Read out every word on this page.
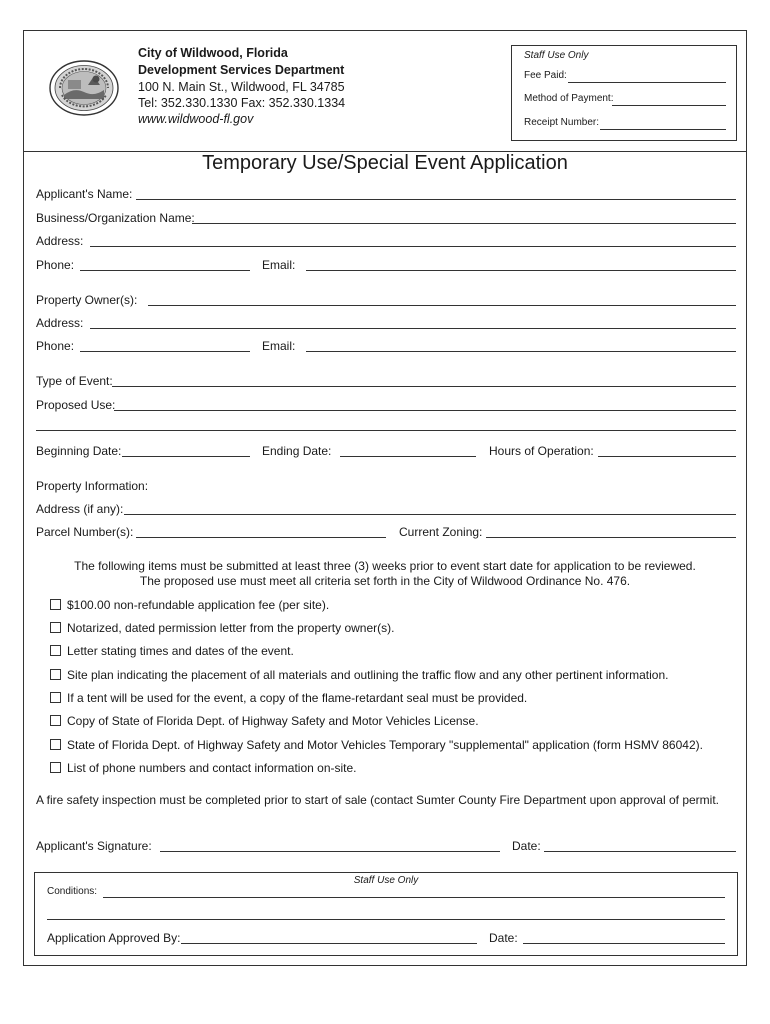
City of Wildwood, Florida
Development Services Department
100 N. Main St., Wildwood, FL 34785
Tel: 352.330.1330 Fax: 352.330.1334
www.wildwood-fl.gov
Staff Use Only
Fee Paid:
Method of Payment:
Receipt Number:
Temporary Use/Special Event Application
Applicant's Name:
Business/Organization Name:
Address:
Phone:	Email:
Property Owner(s):
Address:
Phone:	Email:
Type of Event:
Proposed Use:
Beginning Date:	Ending Date:	Hours of Operation:
Property Information:
Address (if any):
Parcel Number(s):	Current Zoning:
The following items must be submitted at least three (3) weeks prior to event start date for application to be reviewed.
The proposed use must meet all criteria set forth in the City of Wildwood Ordinance No. 476.
$100.00 non-refundable application fee (per site).
Notarized, dated permission letter from the property owner(s).
Letter stating times and dates of the event.
Site plan indicating the placement of all materials and outlining the traffic flow and any other pertinent information.
If a tent will be used for the event, a copy of the flame-retardant seal must be provided.
Copy of State of Florida Dept. of Highway Safety and Motor Vehicles License.
State of Florida Dept. of Highway Safety and Motor Vehicles Temporary "supplemental" application (form HSMV 86042).
List of phone numbers and contact information on-site.
A fire safety inspection must be completed prior to start of sale (contact Sumter County Fire Department upon approval of permit.
Applicant's Signature:	Date:
Staff Use Only
Conditions:
Application Approved By:	Date:
